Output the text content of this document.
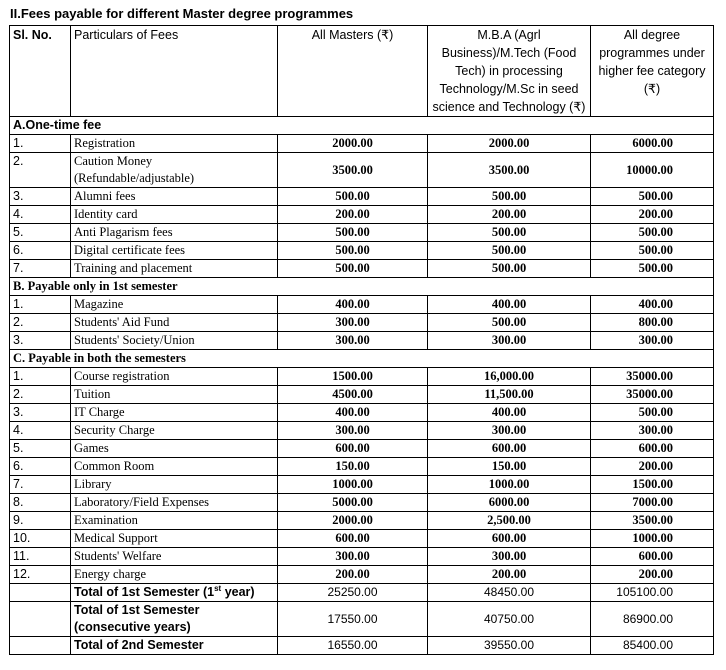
II.Fees payable for different Master degree programmes
Sl. No.	Particulars of Fees	All Masters (₹)	M.B.A (Agrl Business)/M.Tech (Food Tech) in processing Technology/M.Sc in seed science and Technology (₹)	All degree programmes under higher fee category (₹)
A.One-time fee				
1.	Registration	2000.00	2000.00	6000.00
2.	Caution Money (Refundable/adjustable)	3500.00	3500.00	10000.00
3.	Alumni fees	500.00	500.00	500.00
4.	Identity card	200.00	200.00	200.00
5.	Anti Plagarism fees	500.00	500.00	500.00
6.	Digital certificate fees	500.00	500.00	500.00
7.	Training and placement	500.00	500.00	500.00
B. Payable only in 1st semester				
1.	Magazine	400.00	400.00	400.00
2.	Students' Aid Fund	300.00	500.00	800.00
3.	Students' Society/Union	300.00	300.00	300.00
C. Payable in both the semesters				
1.	Course registration	1500.00	16,000.00	35000.00
2.	Tuition	4500.00	11,500.00	35000.00
3.	IT Charge	400.00	400.00	500.00
4.	Security Charge	300.00	300.00	300.00
5.	Games	600.00	600.00	600.00
6.	Common Room	150.00	150.00	200.00
7.	Library	1000.00	1000.00	1500.00
8.	Laboratory/Field Expenses	5000.00	6000.00	7000.00
9.	Examination	2000.00	2,500.00	3500.00
10.	Medical Support	600.00	600.00	1000.00
11.	Students' Welfare	300.00	300.00	600.00
12.	Energy charge	200.00	200.00	200.00
	Total of 1st Semester (1st year)	25250.00	48450.00	105100.00
	Total of 1st Semester (consecutive years)	17550.00	40750.00	86900.00
	Total of 2nd Semester	16550.00	39550.00	85400.00
